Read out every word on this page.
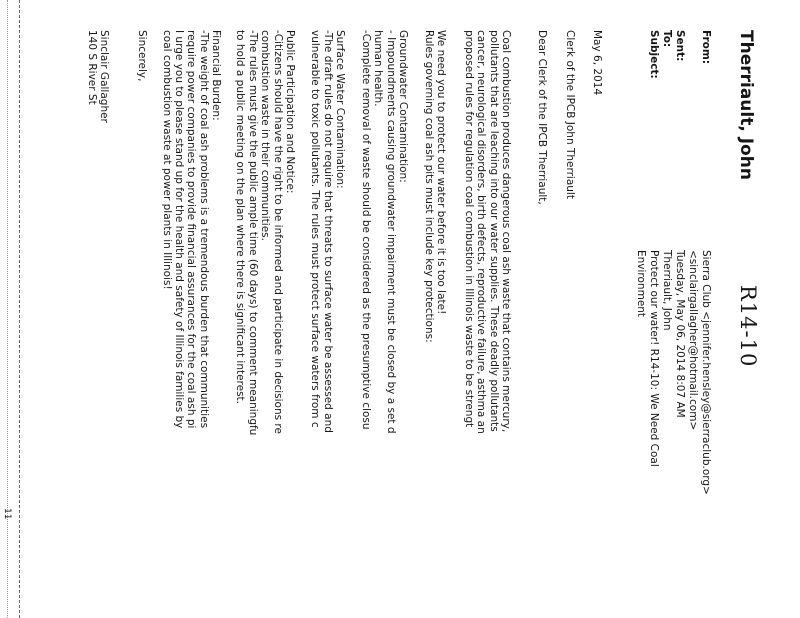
R14-10
Therriault, John
From:
Sierra Club <jennifer.hensley@sierraclub.org>
<sinclairgallagher@hotmail.com>
Sent:
Tuesday, May 06, 2014 8:07 AM
To:
Therriault, John
Subject:
Protect our water! R14-10: We Need Coal
Environment
May 6, 2014
Clerk of the IPCB John Therriault
Dear Clerk of the IPCB Therriault,
Coal combustion produces dangerous coal ash waste that contains mercury,
pollutants that are leaching into our water supplies. These deadly pollutants
cancer, neurological disorders, birth defects, reproductive failure, asthma an
proposed rules for regulation coal combustion in Illinois waste to be strengt
We need you to protect our water before it is too late!
Rules governing coal ash pits must include key protections:
Groundwater Contamination:
- Impoundments causing groundwater impairment must be closed by a set d
human health.
-Complete removal of waste should be considered as the presumptive closu
Surface Water Contamination:
-The draft rules do not require that threats to surface water be assessed and
vulnerable to toxic pollutants. The rules must protect surface waters from c
Public Participation and Notice:
-Citizens should have the right to be informed and participate in decisions re
combustion waste in their communities.
-The rules must give the public ample time (60 days) to comment meaningfu
to hold a public meeting on the plan where there is significant interest.
Financial Burden:
-The weight of coal ash problems is a tremendous burden that communities
require power companies to provide financial assurances for the coal ash pi
I urge you to please stand up for the health and safety of Illinois families by
coal combustion waste at power plants in Illinois!
Sincerely,
Sinclair Gallagher
140 S River St
11
